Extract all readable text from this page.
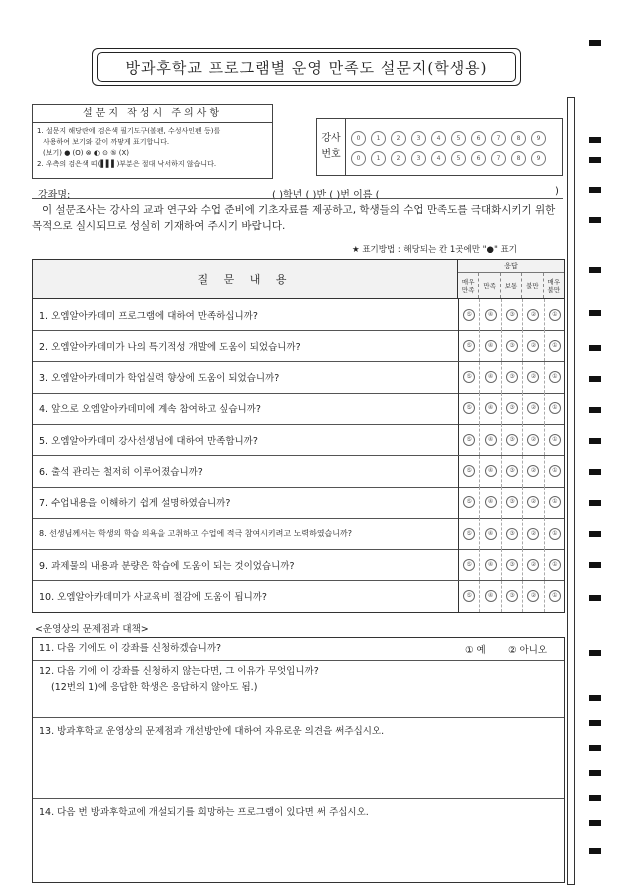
방과후학교 프로그램별 운영 만족도 설문지(학생용)
설문지 작성시 주의사항
1. 설문지 해당란에 검은색 필기도구(볼펜, 수성사인펜 등)를
사용하여 보기와 같이 까맣게 표기합니다.
(보기) ● (O) ⊗ ◐ ⊙ ⑤ (X)
2. 우측의 검은색 띠(▌▌▌)부분은 절대 낙서하지 않습니다.
강사
번호
0	1	2	3	4	5	6	7	8	9
0	1	2	3	4	5	6	7	8	9
강좌명:	( )학년 ( )반 ( )번 이름 (	)
이 설문조사는 강사의 교과 연구와 수업 준비에 기초자료를 제공하고, 학생들의 수업 만족도를 극대화시키기 위한 목적으로 실시되므로 성실히 기재하여 주시기 바랍니다.
★ 표기방법 : 해당되는 칸 1곳에만 "●" 표기
질 문 내 용
응답
매우 만족	만족	보통	불만	매우 불만
1. 오엠알아카데미 프로그램에 대하여 만족하십니까?	⑤	④	③	②	①
2. 오엠알아카데미가 나의 특기적성 개발에 도움이 되었습니까?	⑤	④	③	②	①
3. 오엠알아카데미가 학업실력 향상에 도움이 되었습니까?	⑤	④	③	②	①
4. 앞으로 오엠알아카데미에 계속 참여하고 싶습니까?	⑤	④	③	②	①
5. 오엠알아카데미 강사선생님에 대하여 만족합니까?	⑤	④	③	②	①
6. 출석 관리는 철저히 이루어졌습니까?	⑤	④	③	②	①
7. 수업내용을 이해하기 쉽게 설명하였습니까?	⑤	④	③	②	①
8. 선생님께서는 학생의 학습 의욕을 고취하고 수업에 적극 참여시키려고 노력하였습니까?	⑤	④	③	②	①
9. 과제물의 내용과 분량은 학습에 도움이 되는 것이었습니까?	⑤	④	③	②	①
10. 오엠알아카데미가 사교육비 절감에 도움이 됩니까?	⑤	④	③	②	①
<운영상의 문제점과 대책>
11. 다음 기에도 이 강좌를 신청하겠습니까?	① 예 ② 아니오
12. 다음 기에 이 강좌를 신청하지 않는다면, 그 이유가 무엇입니까?
(12번의 1)에 응답한 학생은 응답하지 않아도 됨.)
13. 방과후학교 운영상의 문제점과 개선방안에 대하여 자유로운 의견을 써주십시오.
14. 다음 번 방과후학교에 개설되기를 희망하는 프로그램이 있다면 써 주십시오.
